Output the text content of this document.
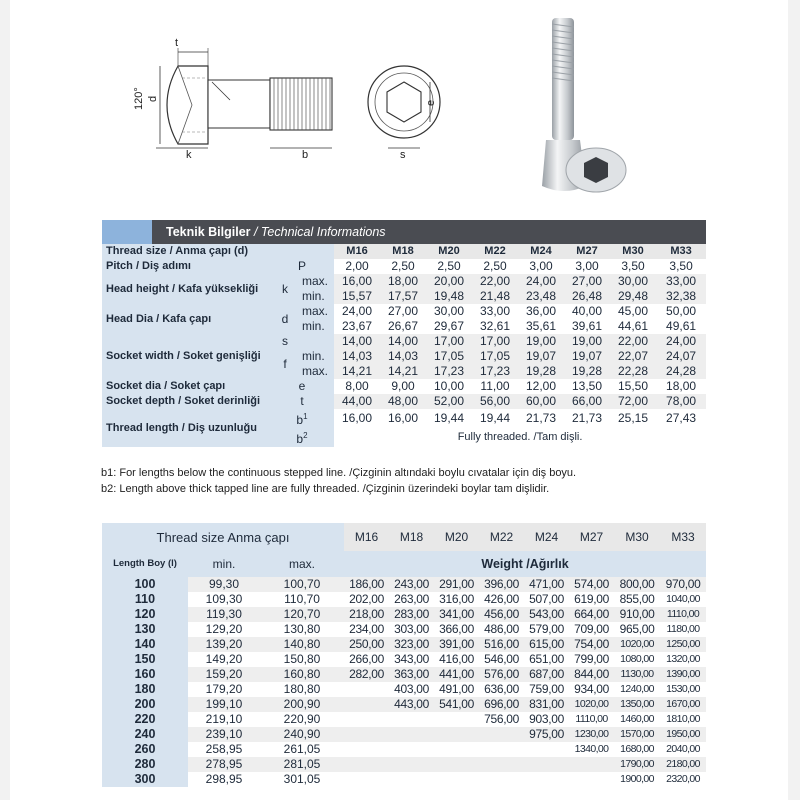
t
120° d
k	b	s
e
	Teknik Bilgiler / Technical Informations										
Thread size / Anma çapı (d)				M16	M18	M20	M22	M24	M27	M30	M33
Pitch / Diş adımı		P		2,00	2,50	2,50	2,50	3,00	3,00	3,50	3,50
Head height / Kafa yüksekliği		k	max.	16,00	18,00	20,00	22,00	24,00	27,00	30,00	33,00
			min.	15,57	17,57	19,48	21,48	23,48	26,48	29,48	32,38
Head Dia / Kafa çapı		d	max.	24,00	27,00	30,00	33,00	36,00	40,00	45,00	50,00
			min.	23,67	26,67	29,67	32,61	35,61	39,61	44,61	49,61
Socket width / Soket genişliği		s		14,00	14,00	17,00	17,00	19,00	19,00	22,00	24,00
		f	min.	14,03	14,03	17,05	17,05	19,07	19,07	22,07	24,07
			max.	14,21	14,21	17,23	17,23	19,28	19,28	22,28	24,28
Socket dia / Soket çapı		e		8,00	9,00	10,00	11,00	12,00	13,50	15,50	18,00
Socket depth / Soket derinliği		t		44,00	48,00	52,00	56,00	60,00	66,00	72,00	78,00
Thread length / Diş uzunluğu		$b^1$		16,00	16,00	19,44	19,44	21,73	21,73	25,15	27,43
		$b^2$		Fully threaded. /Tam dişli.							
b1: For lengths below the continuous stepped line. /Çizginin altındaki boylu cıvatalar için diş boyu.
b2: Length above thick tapped line are fully threaded. /Çizginin üzerindeki boylar tam dişlidir.
Thread size Anma çapı			M16	M18	M20	M22	M24	M27	M30	M33
Length Boy (l)	min.	max.	Weight /Ağırlık							
100	99,30	100,70	186,00	243,00	291,00	396,00	471,00	574,00	800,00	970,00
110	109,30	110,70	202,00	263,00	316,00	426,00	507,00	619,00	855,00	1040,00
120	119,30	120,70	218,00	283,00	341,00	456,00	543,00	664,00	910,00	1110,00
130	129,20	130,80	234,00	303,00	366,00	486,00	579,00	709,00	965,00	1180,00
140	139,20	140,80	250,00	323,00	391,00	516,00	615,00	754,00	1020,00	1250,00
150	149,20	150,80	266,00	343,00	416,00	546,00	651,00	799,00	1080,00	1320,00
160	159,20	160,80	282,00	363,00	441,00	576,00	687,00	844,00	1130,00	1390,00
180	179,20	180,80		403,00	491,00	636,00	759,00	934,00	1240,00	1530,00
200	199,10	200,90		443,00	541,00	696,00	831,00	1020,00	1350,00	1670,00
220	219,10	220,90				756,00	903,00	1110,00	1460,00	1810,00
240	239,10	240,90					975,00	1230,00	1570,00	1950,00
260	258,95	261,05						1340,00	1680,00	2040,00
280	278,95	281,05							1790,00	2180,00
300	298,95	301,05							1900,00	2320,00
